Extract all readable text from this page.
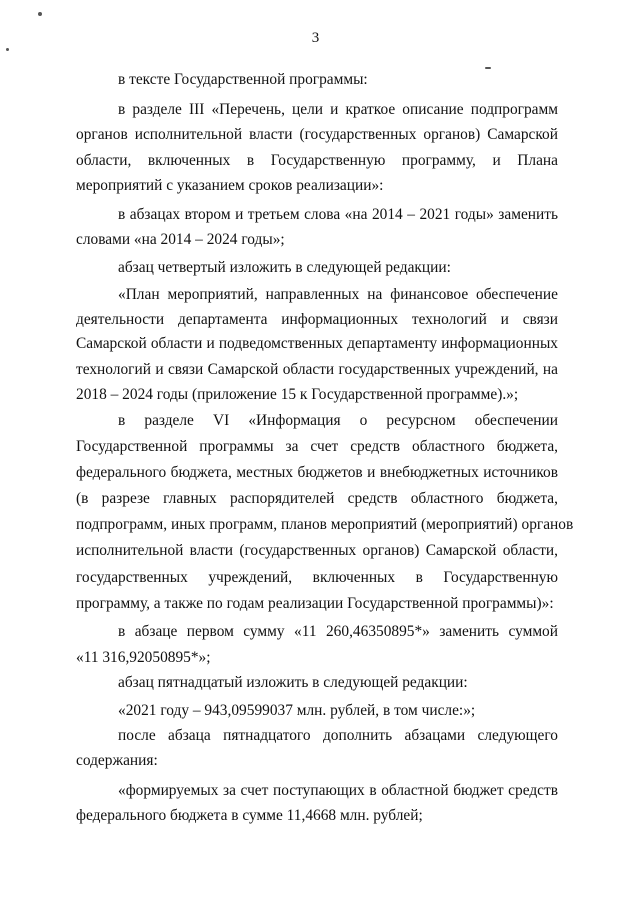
3
в тексте Государственной программы:
в разделе III «Перечень, цели и краткое описание подпрограмм
органов исполнительной власти (государственных органов) Самарской
области, включенных в Государственную программу, и Плана
мероприятий с указанием сроков реализации»:
в абзацах втором и третьем слова «на 2014 – 2021 годы» заменить
словами «на 2014 – 2024 годы»;
абзац четвертый изложить в следующей редакции:
«План мероприятий, направленных на финансовое обеспечение
деятельности департамента информационных технологий и связи
Самарской области и подведомственных департаменту информационных
технологий и связи Самарской области государственных учреждений, на
2018 – 2024 годы (приложение 15 к Государственной программе).»;
в разделе VI «Информация о ресурсном обеспечении
Государственной программы за счет средств областного бюджета,
федерального бюджета, местных бюджетов и внебюджетных источников
(в разрезе главных распорядителей средств областного бюджета,
подпрограмм, иных программ, планов мероприятий (мероприятий) органов
исполнительной власти (государственных органов) Самарской области,
государственных учреждений, включенных в Государственную
программу, а также по годам реализации Государственной программы)»:
в абзаце первом сумму «11 260,46350895*» заменить суммой
«11 316,92050895*»;
абзац пятнадцатый изложить в следующей редакции:
«2021 году – 943,09599037 млн. рублей, в том числе:»;
после абзаца пятнадцатого дополнить абзацами следующего
содержания:
«формируемых за счет поступающих в областной бюджет средств
федерального бюджета в сумме 11,4668 млн. рублей;
